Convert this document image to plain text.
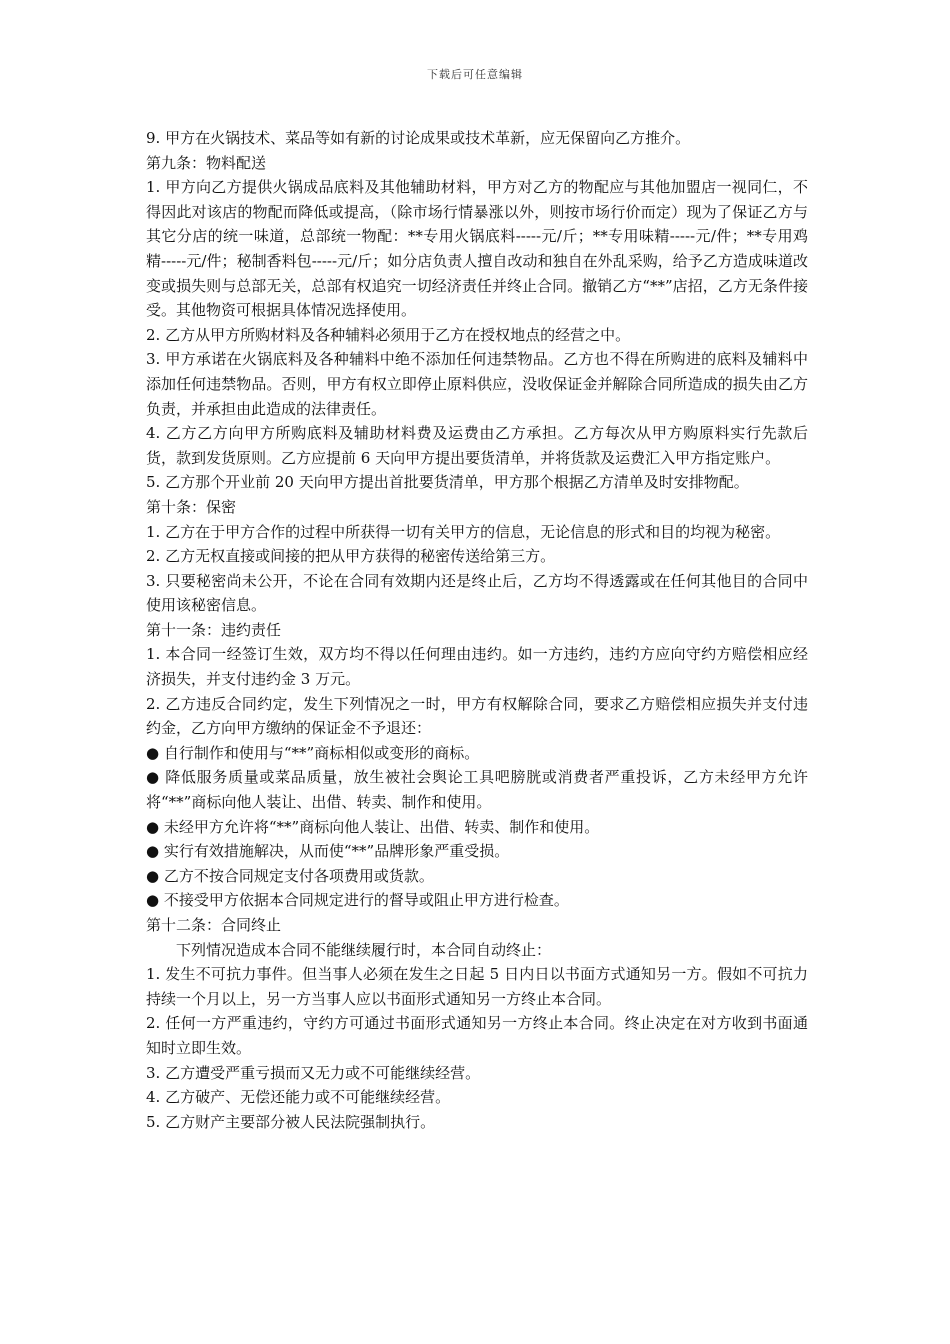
下载后可任意编辑

9. 甲方在火锅技术、菜品等如有新的讨论成果或技术革新，应无保留向乙方推介。

第九条：物料配送

1. 甲方向乙方提供火锅成品底料及其他辅助材料，甲方对乙方的物配应与其他加盟店一视同仁，不得因此对该店的物配而降低或提高，（除市场行情暴涨以外，则按市场行价而定）现为了保证乙方与其它分店的统一味道，总部统一物配：**专用火锅底料-----元/斤；**专用味精-----元/件；**专用鸡精-----元/件；秘制香料包-----元/斤；如分店负责人擅自改动和独自在外乱采购，给予乙方造成味道改变或损失则与总部无关，总部有权追究一切经济责任并终止合同。撤销乙方“**”店招，乙方无条件接受。其他物资可根据具体情况选择使用。

2. 乙方从甲方所购材料及各种辅料必须用于乙方在授权地点的经营之中。

3. 甲方承诺在火锅底料及各种辅料中绝不添加任何违禁物品。乙方也不得在所购进的底料及辅料中添加任何违禁物品。否则，甲方有权立即停止原料供应，没收保证金并解除合同所造成的损失由乙方负责，并承担由此造成的法律责任。

4. 乙方乙方向甲方所购底料及辅助材料费及运费由乙方承担。乙方每次从甲方购原料实行先款后货，款到发货原则。乙方应提前 6 天向甲方提出要货清单，并将货款及运费汇入甲方指定账户。

5. 乙方那个开业前 20 天向甲方提出首批要货清单，甲方那个根据乙方清单及时安排物配。

第十条：保密

1. 乙方在于甲方合作的过程中所获得一切有关甲方的信息，无论信息的形式和目的均视为秘密。

2. 乙方无权直接或间接的把从甲方获得的秘密传送给第三方。

3. 只要秘密尚未公开，不论在合同有效期内还是终止后，乙方均不得透露或在任何其他目的合同中使用该秘密信息。

第十一条：违约责任

1. 本合同一经签订生效，双方均不得以任何理由违约。如一方违约，违约方应向守约方赔偿相应经济损失，并支付违约金 3 万元。

2. 乙方违反合同约定，发生下列情况之一时，甲方有权解除合同，要求乙方赔偿相应损失并支付违约金，乙方向甲方缴纳的保证金不予退还：

● 自行制作和使用与“**”商标相似或变形的商标。

● 降低服务质量或菜品质量，放生被社会舆论工具吧膀胱或消费者严重投诉，乙方未经甲方允许将“**”商标向他人装让、出借、转卖、制作和使用。

● 未经甲方允许将“**”商标向他人装让、出借、转卖、制作和使用。

● 实行有效措施解决，从而使“**”品牌形象严重受损。

● 乙方不按合同规定支付各项费用或货款。

● 不接受甲方依据本合同规定进行的督导或阻止甲方进行检查。

第十二条：合同终止

下列情况造成本合同不能继续履行时，本合同自动终止：

1. 发生不可抗力事件。但当事人必须在发生之日起 5 日内日以书面方式通知另一方。假如不可抗力持续一个月以上，另一方当事人应以书面形式通知另一方终止本合同。

2. 任何一方严重违约，守约方可通过书面形式通知另一方终止本合同。终止决定在对方收到书面通知时立即生效。

3. 乙方遭受严重亏损而又无力或不可能继续经营。

4. 乙方破产、无偿还能力或不可能继续经营。

5. 乙方财产主要部分被人民法院强制执行。
